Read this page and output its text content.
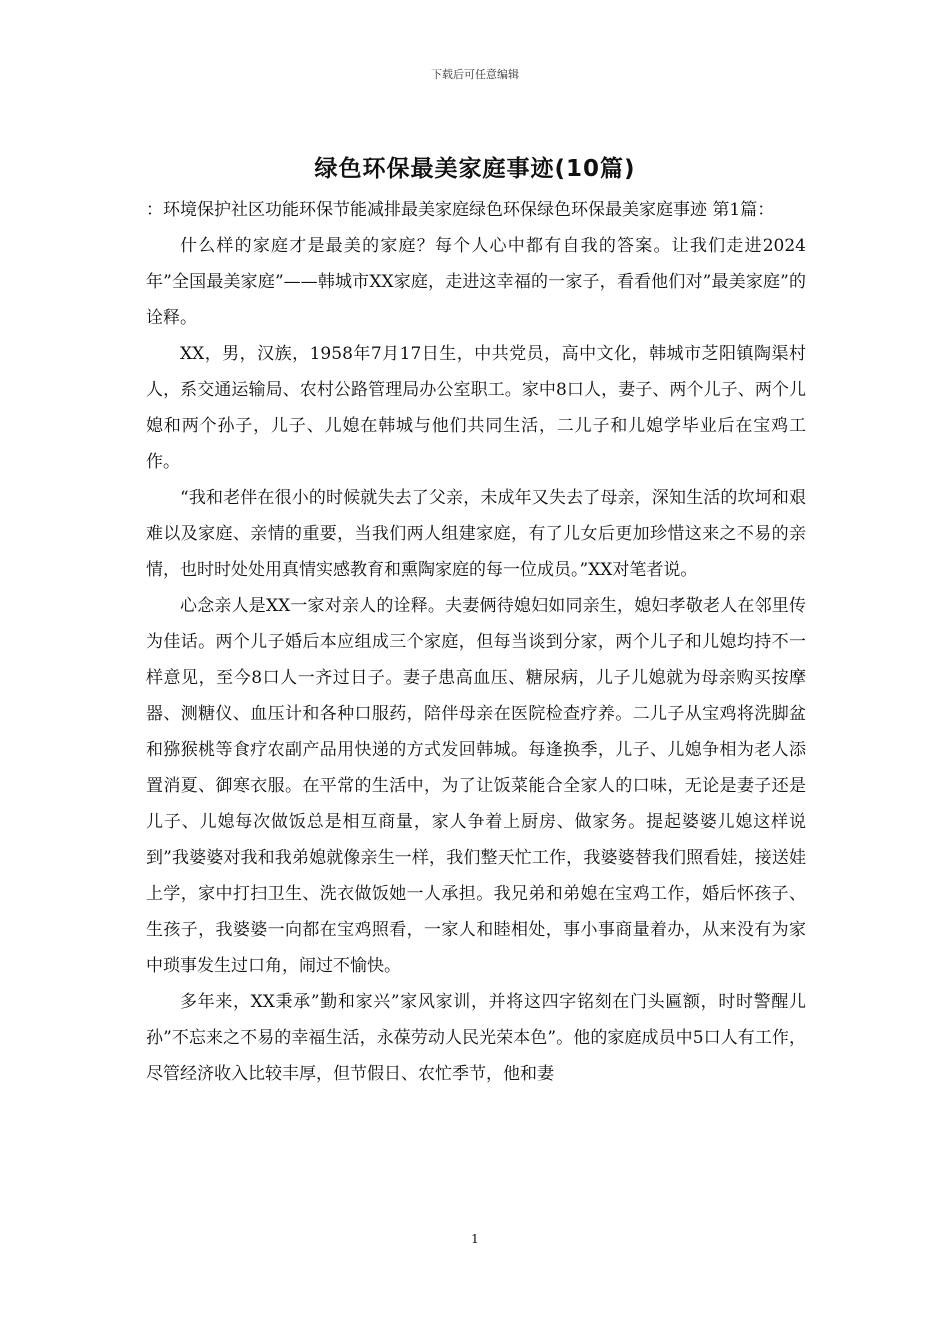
下载后可任意编辑
绿色环保最美家庭事迹(10篇)

：环境保护社区功能环保节能减排最美家庭绿色环保绿色环保最美家庭事迹 第1篇：

什么样的家庭才是最美的家庭？每个人心中都有自我的答案。让我们走进2024年”全国最美家庭”——韩城市XX家庭，走进这幸福的一家子，看看他们对”最美家庭”的诠释。

XX，男，汉族，1958年7月17日生，中共党员，高中文化，韩城市芝阳镇陶渠村人，系交通运输局、农村公路管理局办公室职工。家中8口人，妻子、两个儿子、两个儿媳和两个孙子，儿子、儿媳在韩城与他们共同生活，二儿子和儿媳学毕业后在宝鸡工作。

“我和老伴在很小的时候就失去了父亲，未成年又失去了母亲，深知生活的坎坷和艰难以及家庭、亲情的重要，当我们两人组建家庭，有了儿女后更加珍惜这来之不易的亲情，也时时处处用真情实感教育和熏陶家庭的每一位成员。”XX对笔者说。

心念亲人是XX一家对亲人的诠释。夫妻俩待媳妇如同亲生，媳妇孝敬老人在邻里传为佳话。两个儿子婚后本应组成三个家庭，但每当谈到分家，两个儿子和儿媳均持不一样意见，至今8口人一齐过日子。妻子患高血压、糖尿病，儿子儿媳就为母亲购买按摩器、测糖仪、血压计和各种口服药，陪伴母亲在医院检查疗养。二儿子从宝鸡将洗脚盆和猕猴桃等食疗农副产品用快递的方式发回韩城。每逢换季，儿子、儿媳争相为老人添置消夏、御寒衣服。在平常的生活中，为了让饭菜能合全家人的口味，无论是妻子还是儿子、儿媳每次做饭总是相互商量，家人争着上厨房、做家务。提起婆婆儿媳这样说到”我婆婆对我和我弟媳就像亲生一样，我们整天忙工作，我婆婆替我们照看娃，接送娃上学，家中打扫卫生、洗衣做饭她一人承担。我兄弟和弟媳在宝鸡工作，婚后怀孩子、生孩子，我婆婆一向都在宝鸡照看，一家人和睦相处，事小事商量着办，从来没有为家中琐事发生过口角，闹过不愉快。

多年来，XX秉承”勤和家兴”家风家训，并将这四字铭刻在门头匾额，时时警醒儿孙”不忘来之不易的幸福生活，永葆劳动人民光荣本色”。他的家庭成员中5口人有工作，尽管经济收入比较丰厚，但节假日、农忙季节，他和妻

1
